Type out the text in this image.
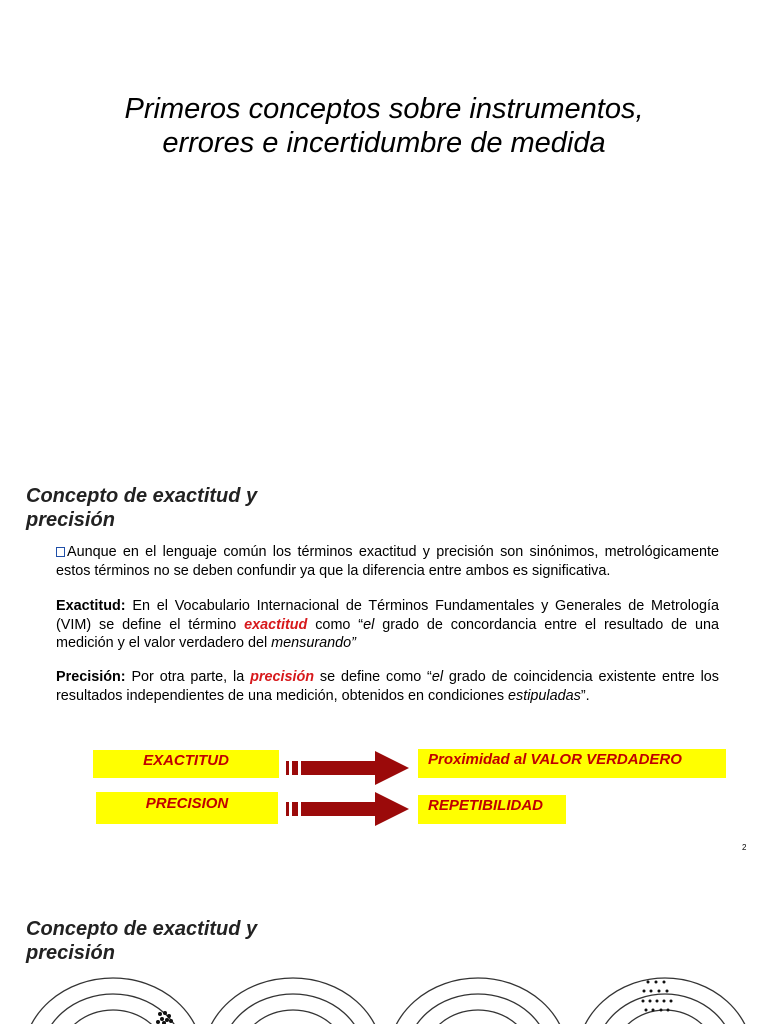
Primeros conceptos sobre instrumentos,
errores e incertidumbre de medida
Concepto de exactitud y
precisión

Aunque en el lenguaje común los términos exactitud y precisión son sinónimos, metrológicamente estos términos no se deben confundir ya que la diferencia entre ambos es significativa.

Exactitud: En el Vocabulario Internacional de Términos Fundamentales y Generales de Metrología (VIM) se define el término exactitud como “el grado de concordancia entre el resultado de una medición y el valor verdadero del mensurando”

Precisión: Por otra parte, la precisión se define como “el grado de coincidencia existente entre los resultados independientes de una medición, obtenidos en condiciones estipuladas”.

EXACTITUD
PRECISION
Proximidad al VALOR VERDADERO
REPETIBILIDAD
2
Concepto de exactitud y
precisión
